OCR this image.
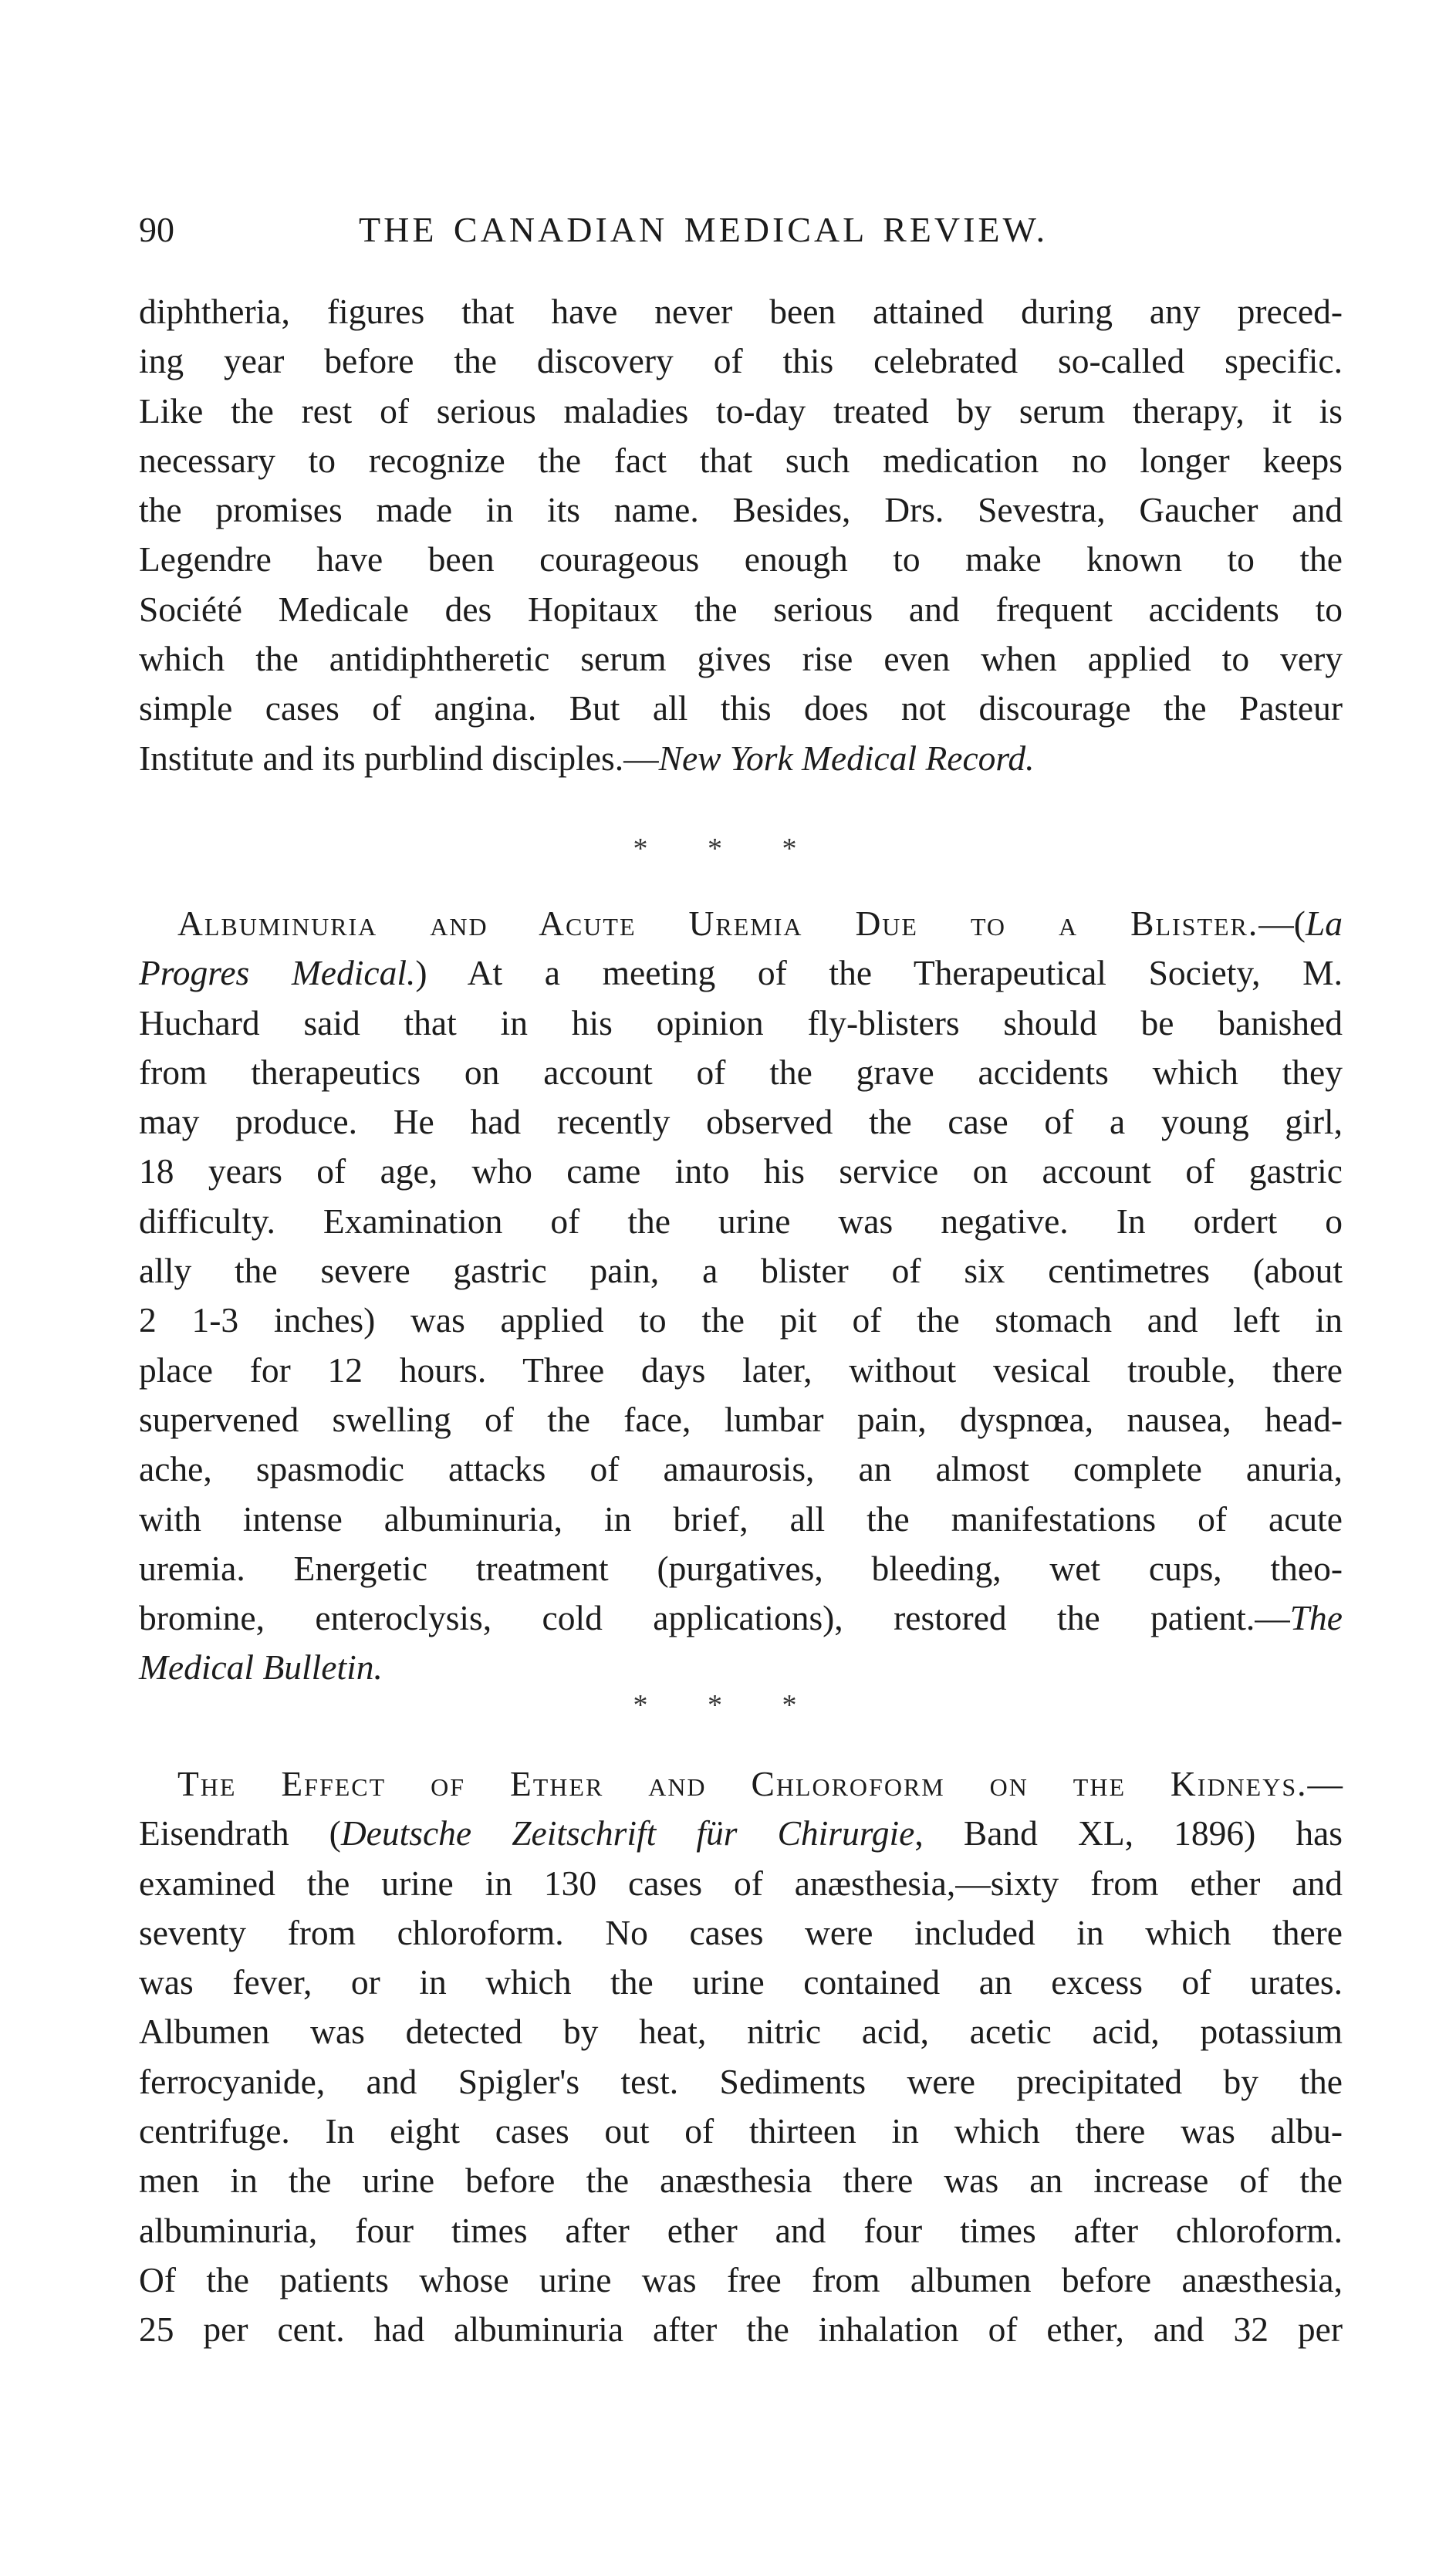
90	THE CANADIAN MEDICAL REVIEW.
diphtheria, figures that have never been attained during any preced-
ing year before the discovery of this celebrated so-called specific.
Like the rest of serious maladies to-day treated by serum therapy, it is
necessary to recognize the fact that such medication no longer keeps
the promises made in its name. Besides, Drs. Sevestra, Gaucher and
Legendre have been courageous enough to make known to the
Société Medicale des Hopitaux the serious and frequent accidents to
which the antidiphtheretic serum gives rise even when applied to very
simple cases of angina. But all this does not discourage the Pasteur
Institute and its purblind disciples.—New York Medical Record.
* * *
Albuminuria and Acute Uremia Due to a Blister.—(La
Progres Medical.) At a meeting of the Therapeutical Society, M.
Huchard said that in his opinion fly-blisters should be banished
from therapeutics on account of the grave accidents which they
may produce. He had recently observed the case of a young girl,
18 years of age, who came into his service on account of gastric
difficulty. Examination of the urine was negative. In ordert o
ally the severe gastric pain, a blister of six centimetres (about
2 1-3 inches) was applied to the pit of the stomach and left in
place for 12 hours. Three days later, without vesical trouble, there
supervened swelling of the face, lumbar pain, dyspnœa, nausea, head-
ache, spasmodic attacks of amaurosis, an almost complete anuria,
with intense albuminuria, in brief, all the manifestations of acute
uremia. Energetic treatment (purgatives, bleeding, wet cups, theo-
bromine, enteroclysis, cold applications), restored the patient.—The
Medical Bulletin.
* * *
The Effect of Ether and Chloroform on the Kidneys.—
Eisendrath (Deutsche Zeitschrift für Chirurgie, Band XL, 1896) has
examined the urine in 130 cases of anæsthesia,—sixty from ether and
seventy from chloroform. No cases were included in which there
was fever, or in which the urine contained an excess of urates.
Albumen was detected by heat, nitric acid, acetic acid, potassium
ferrocyanide, and Spigler's test. Sediments were precipitated by the
centrifuge. In eight cases out of thirteen in which there was albu-
men in the urine before the anæsthesia there was an increase of the
albuminuria, four times after ether and four times after chloroform.
Of the patients whose urine was free from albumen before anæsthesia,
25 per cent. had albuminuria after the inhalation of ether, and 32 per
